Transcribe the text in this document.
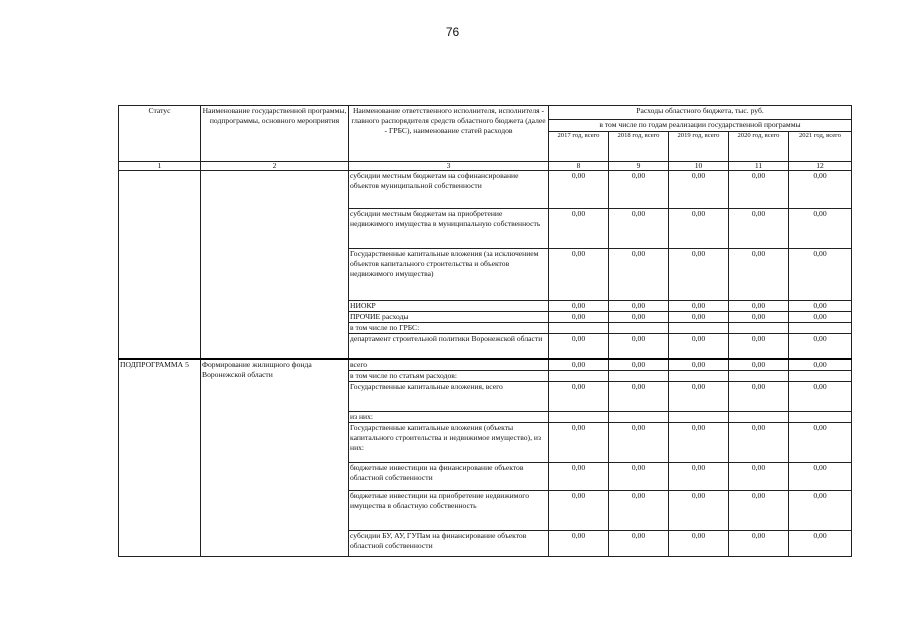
76
Статус	Наименование государственной программы, подпрограммы, основного мероприятия	Наименование ответственного исполнителя, исполнителя - главного распорядителя средств областного бюджета (далее - ГРБС), наименование статей расходов	Расходы областного бюджета, тыс. руб.				
			в том числе по годам реализации государственной программы				
			2017 год, всего	2018 год, всего	2019 год, всего	2020 год, всего	2021 год, всего
1	2	3	8	9	10	11	12
		субсидии местным бюджетам на софинансирование объектов муниципальной собственности	0,00	0,00	0,00	0,00	0,00
		субсидии местным бюджетам на приобретение недвижимого имущества в муниципальную собственность	0,00	0,00	0,00	0,00	0,00
		Государственные капитальные вложения (за исключением объектов капитального строительства и объектов недвижимого имущества)	0,00	0,00	0,00	0,00	0,00
		НИОКР	0,00	0,00	0,00	0,00	0,00
		ПРОЧИЕ расходы	0,00	0,00	0,00	0,00	0,00
		в том числе по ГРБС:					
		департамент строительной политики Воронежской области	0,00	0,00	0,00	0,00	0,00
ПОДПРОГРАММА 5	Формирование жилищного фонда Воронежской области	всего	0,00	0,00	0,00	0,00	0,00
		в том числе по статьям расходов:					
		Государственные капитальные вложения, всего	0,00	0,00	0,00	0,00	0,00
		из них:					
		Государственные капитальные вложения (объекты капитального строительства и недвижимое имущество), из них:	0,00	0,00	0,00	0,00	0,00
		бюджетные инвестиции на финансирование объектов областной собственности	0,00	0,00	0,00	0,00	0,00
		бюджетные инвестиции на приобретение недвижимого имущества в областную собственность	0,00	0,00	0,00	0,00	0,00
		субсидии БУ, АУ, ГУПам на финансирование объектов областной собственности	0,00	0,00	0,00	0,00	0,00
